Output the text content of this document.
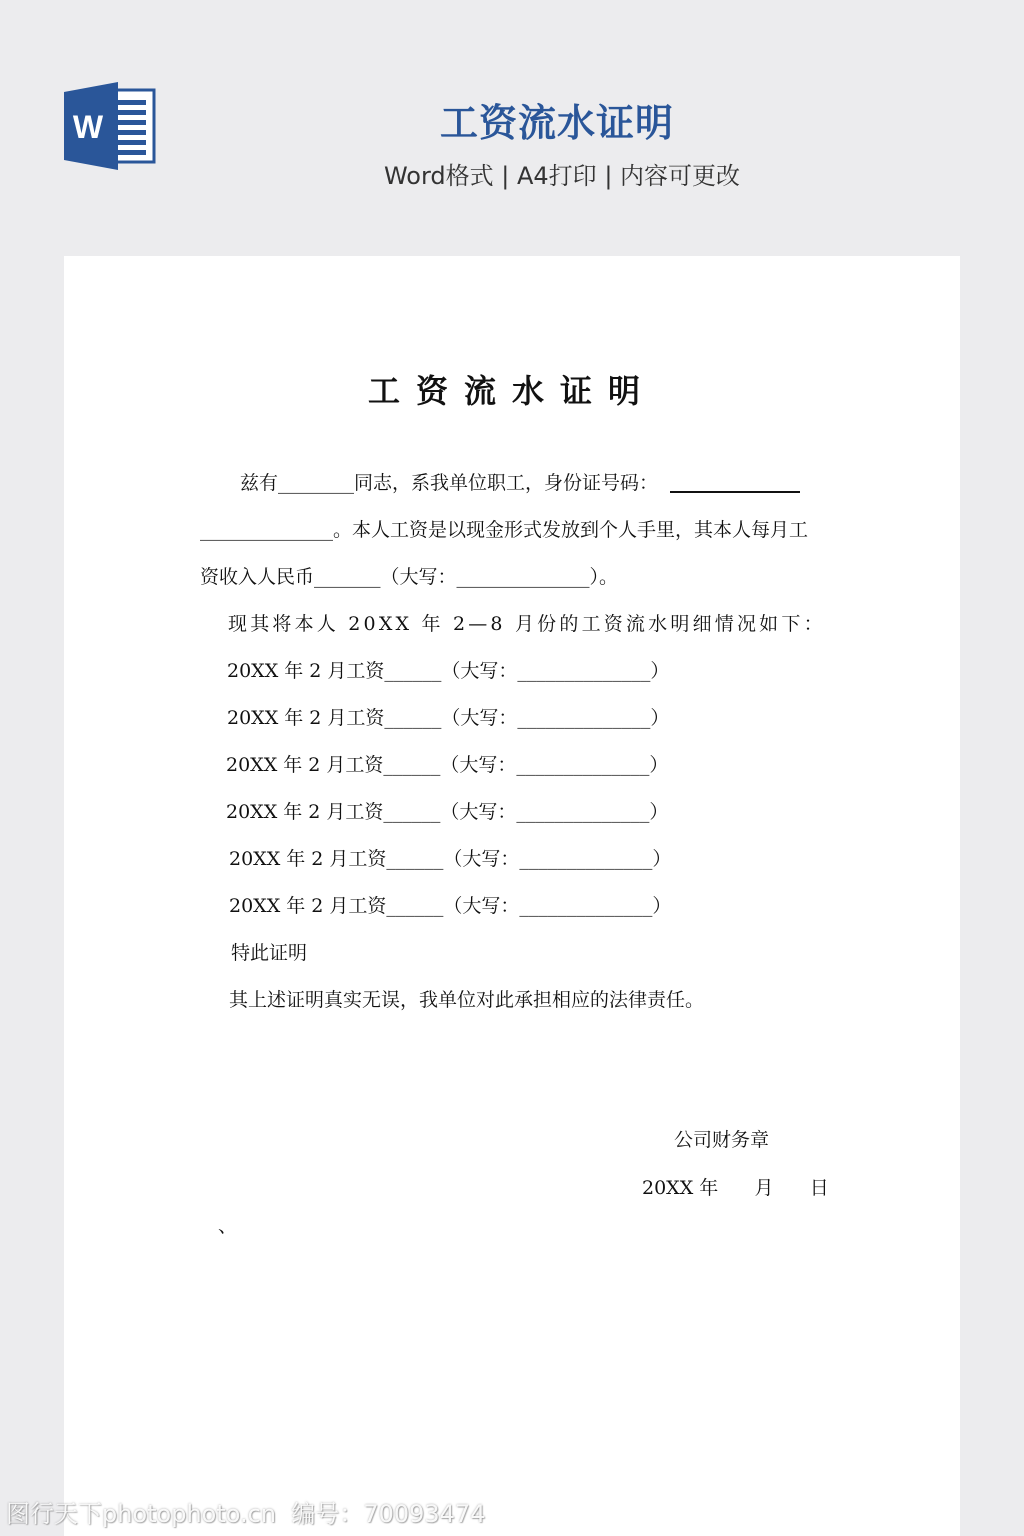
W	工资流水证明
Word格式 | A4打印 | 内容可更改
工资流水证明
兹有________同志，系我单位职工，身份证号码：
______________。本人工资是以现金形式发放到个人手里，其本人每月工
资收入人民币_______（大写：______________）。
现其将本人 20XX 年 2—8 月份的工资流水明细情况如下：
20XX 年 2 月工资______（大写：______________）
20XX 年 2 月工资______（大写：______________）
20XX 年 2 月工资______（大写：______________）
20XX 年 2 月工资______（大写：______________）
20XX 年 2 月工资______（大写：______________）
20XX 年 2 月工资______（大写：______________）
特此证明
其上述证明真实无误，我单位对此承担相应的法律责任。
公司财务章
20XX 年      月      日
、
图行天下photophoto.cn  编号：70093474
